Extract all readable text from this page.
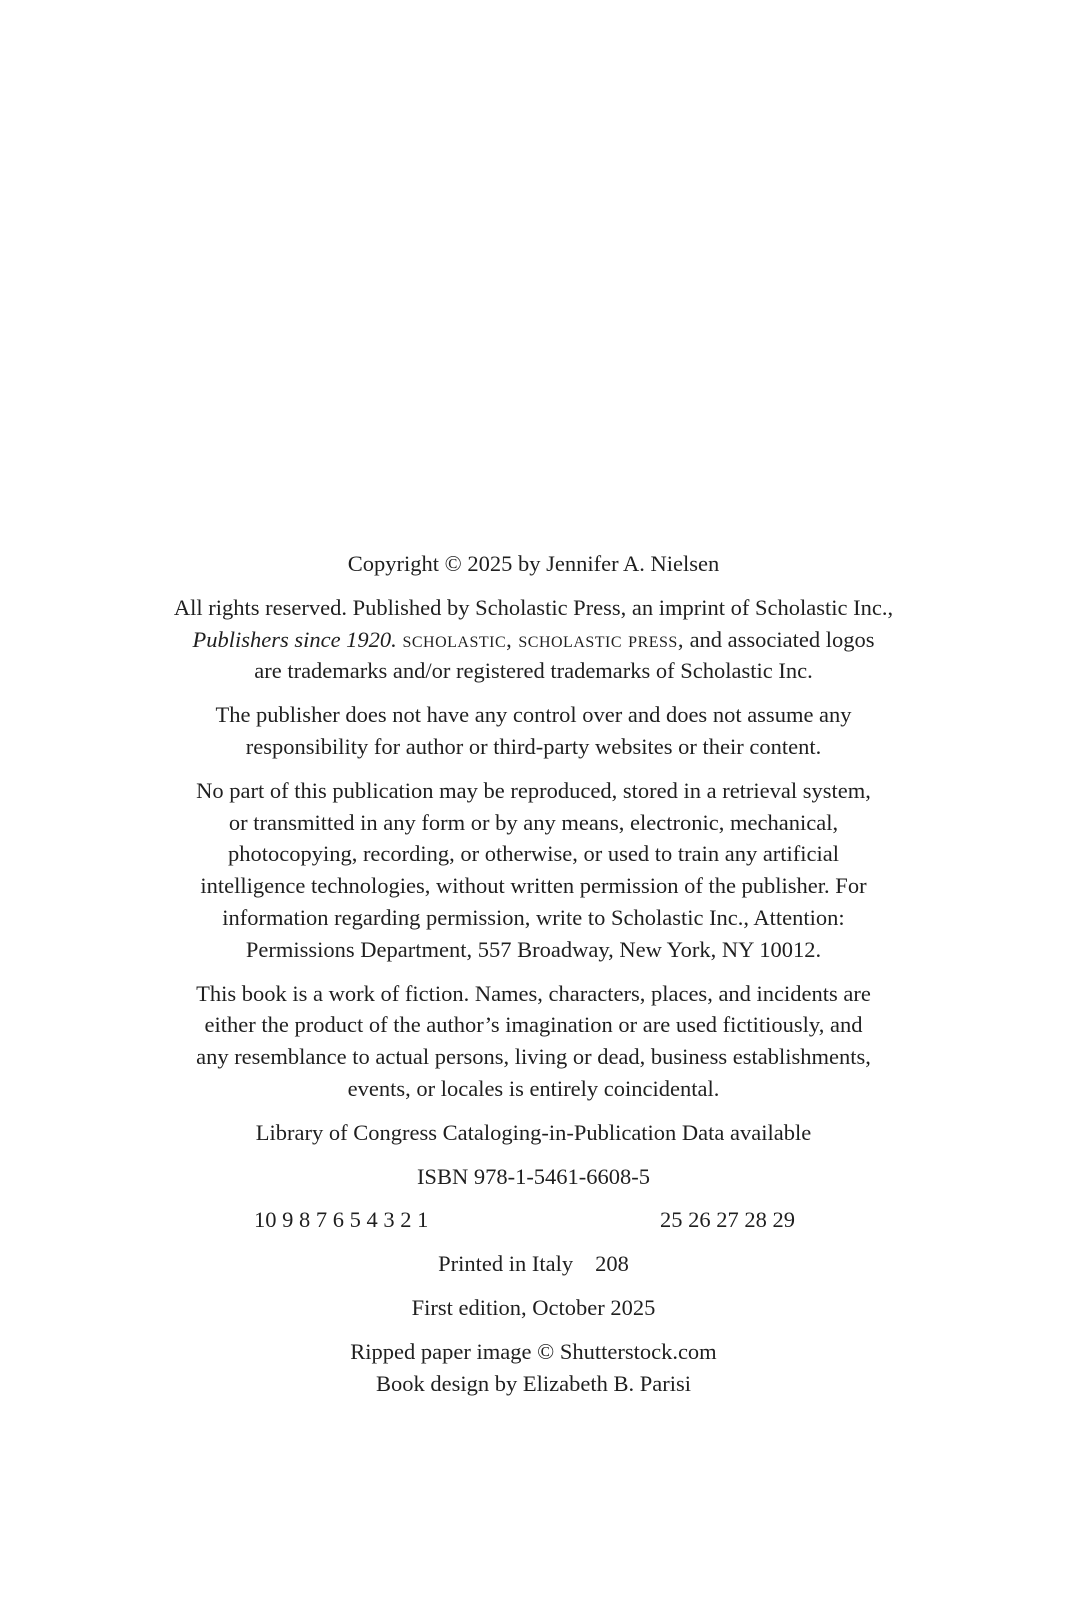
Copyright © 2025 by Jennifer A. Nielsen

All rights reserved. Published by Scholastic Press, an imprint of Scholastic Inc.,
Publishers since 1920. scholastic, scholastic press, and associated logos
are trademarks and/or registered trademarks of Scholastic Inc.

The publisher does not have any control over and does not assume any
responsibility for author or third-party websites or their content.

No part of this publication may be reproduced, stored in a retrieval system,
or transmitted in any form or by any means, electronic, mechanical,
photocopying, recording, or otherwise, or used to train any artificial
intelligence technologies, without written permission of the publisher. For
information regarding permission, write to Scholastic Inc., Attention:
Permissions Department, 557 Broadway, New York, NY 10012.

This book is a work of fiction. Names, characters, places, and incidents are
either the product of the author’s imagination or are used fictitiously, and
any resemblance to actual persons, living or dead, business establishments,
events, or locales is entirely coincidental.

Library of Congress Cataloging-in-Publication Data available

ISBN 978-1-5461-6608-5

10 9 8 7 6 5 4 3 2 1	25 26 27 28 29

Printed in Italy 208

First edition, October 2025

Ripped paper image © Shutterstock.com
Book design by Elizabeth B. Parisi
